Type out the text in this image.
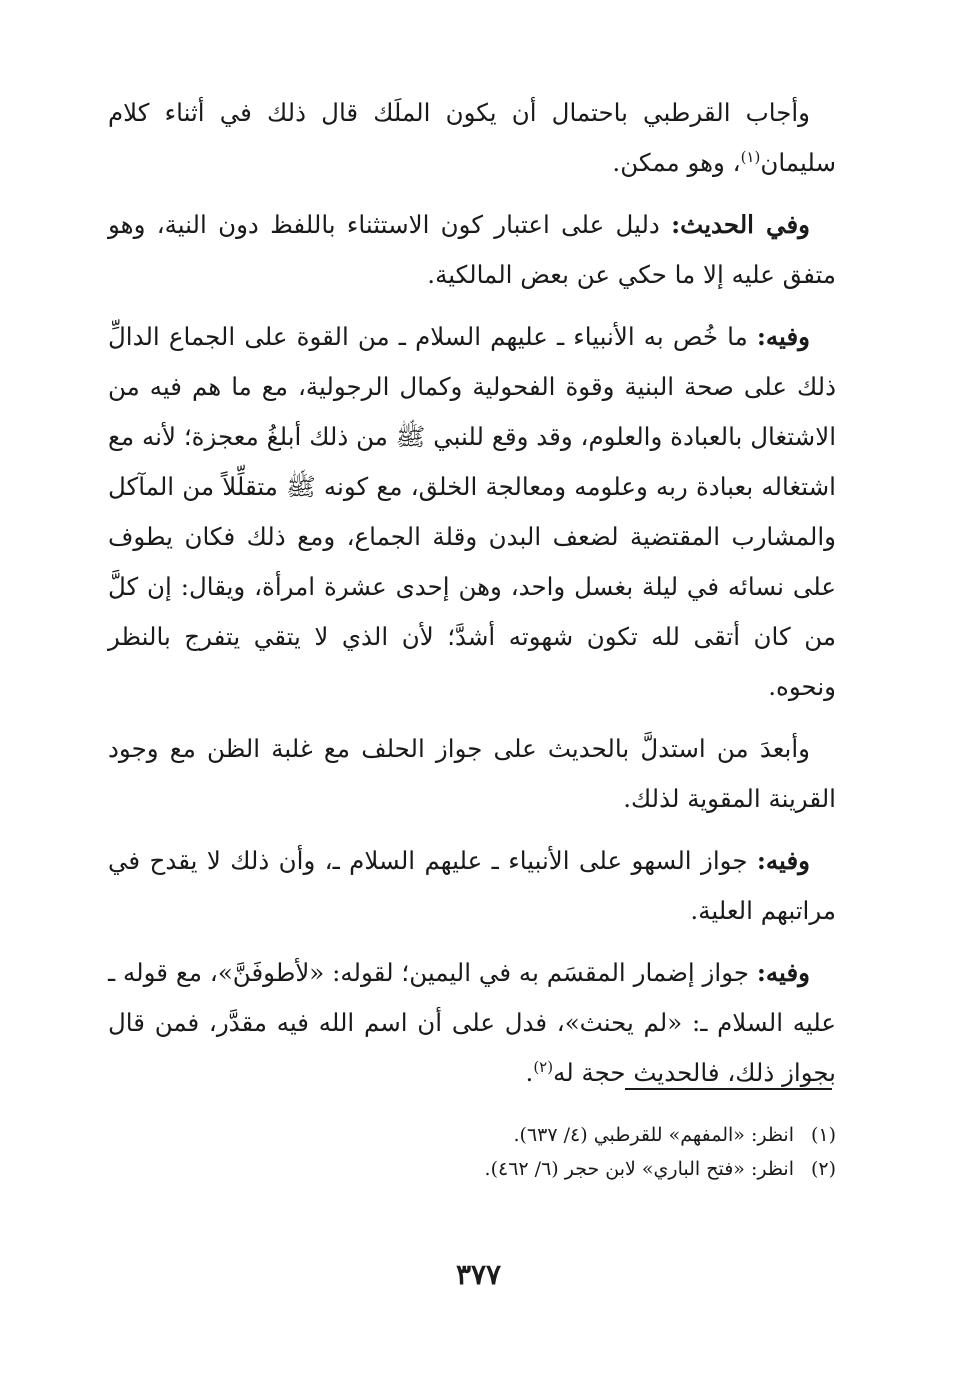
وأجاب القرطبي باحتمال أن يكون الملَك قال ذلك في أثناء كلام سليمان$^{(١)}$، وهو ممكن.

وفي الحديث: دليل على اعتبار كون الاستثناء باللفظ دون النية، وهو متفق عليه إلا ما حكي عن بعض المالكية.

وفيه: ما خُص به الأنبياء ـ عليهم السلام ـ من القوة على الجماع الدالِّ ذلك على صحة البنية وقوة الفحولية وكمال الرجولية، مع ما هم فيه من الاشتغال بالعبادة والعلوم، وقد وقع للنبي ﷺ من ذلك أبلغُ معجزة؛ لأنه مع اشتغاله بعبادة ربه وعلومه ومعالجة الخلق، مع كونه ﷺ متقلِّلاً من المآكل والمشارب المقتضية لضعف البدن وقلة الجماع، ومع ذلك فكان يطوف على نسائه في ليلة بغسل واحد، وهن إحدى عشرة امرأة، ويقال: إن كلَّ من كان أتقى لله تكون شهوته أشدَّ؛ لأن الذي لا يتقي يتفرج بالنظر ونحوه.

وأبعدَ من استدلَّ بالحديث على جواز الحلف مع غلبة الظن مع وجود القرينة المقوية لذلك.

وفيه: جواز السهو على الأنبياء ـ عليهم السلام ـ، وأن ذلك لا يقدح في مراتبهم العلية.

وفيه: جواز إضمار المقسَم به في اليمين؛ لقوله: «لأطوفَنَّ»، مع قوله ـ عليه السلام ـ: «لم يحنث»، فدل على أن اسم الله فيه مقدَّر، فمن قال بجواز ذلك، فالحديث حجة له$^{(٢)}$.

(١)انظر: «المفهم» للقرطبي (٤/ ٦٣٧).

(٢)انظر: «فتح الباري» لابن حجر (٦/ ٤٦٢).

٣٧٧
